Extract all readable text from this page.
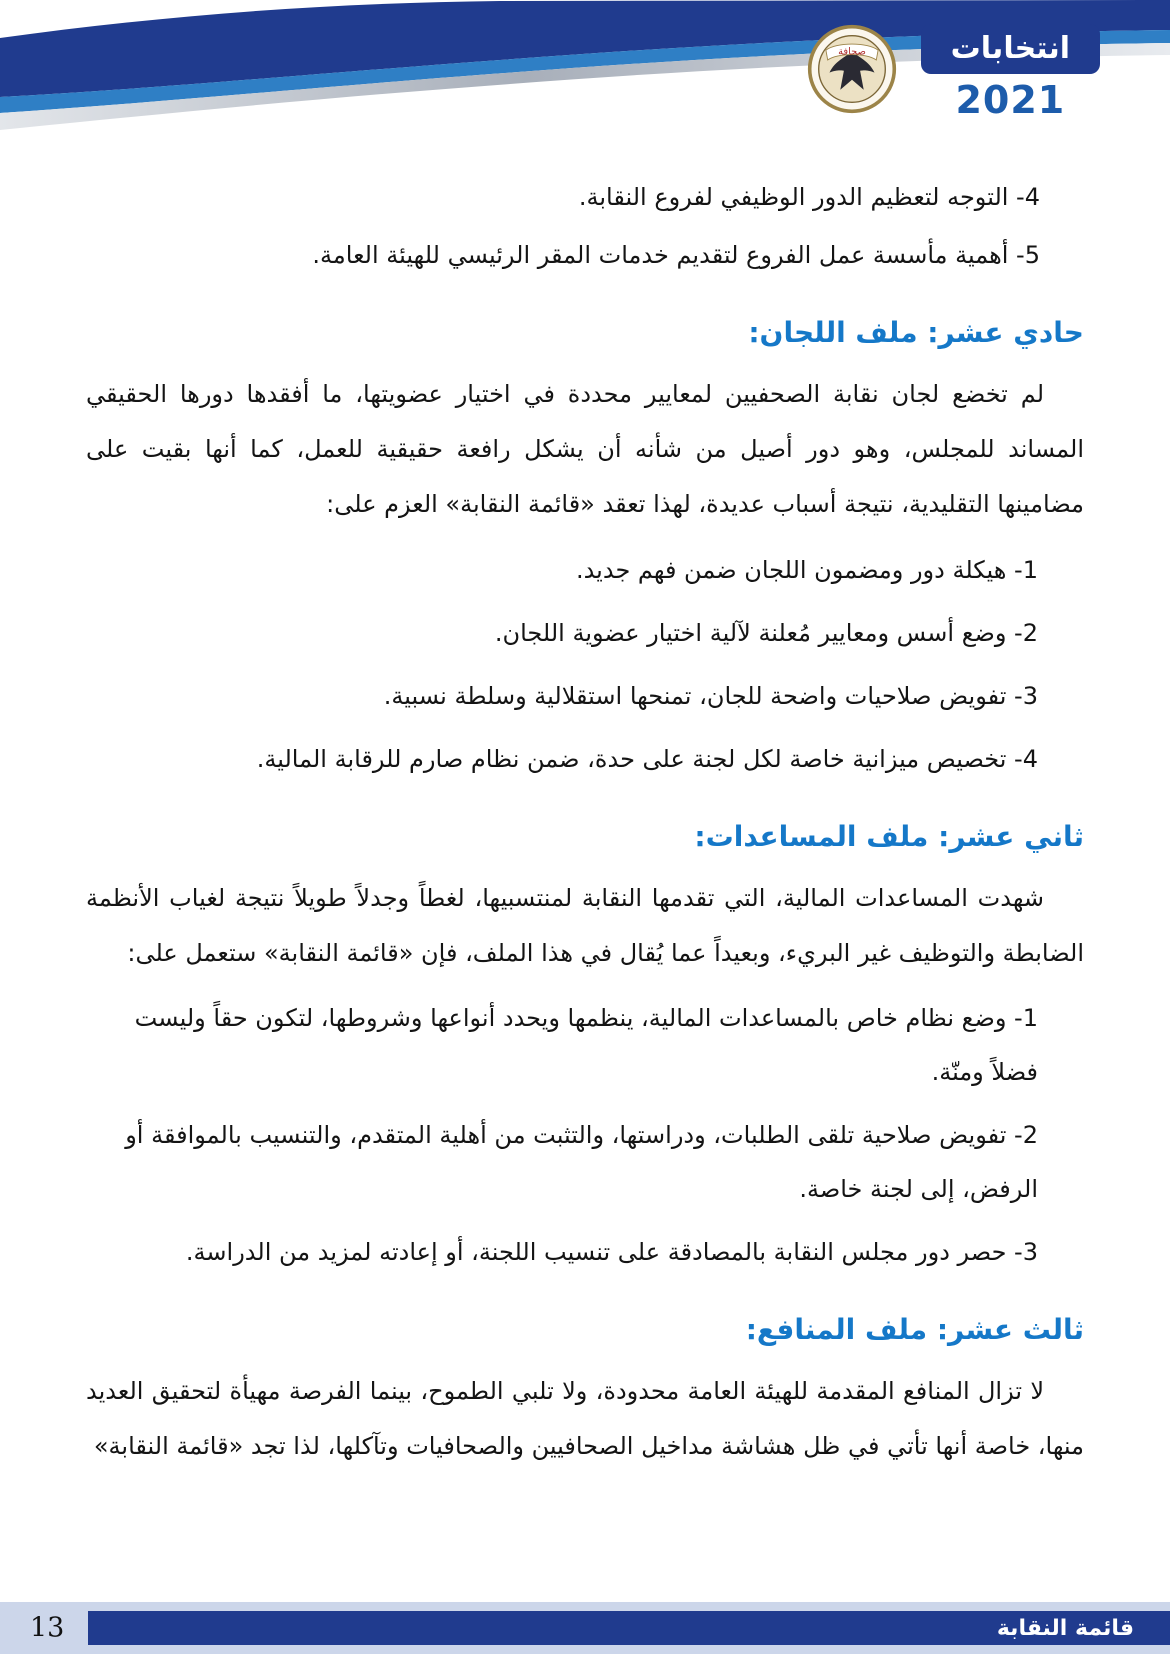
صحافة	انتخابات
2021

4- التوجه لتعظيم الدور الوظيفي لفروع النقابة.

5- أهمية مأسسة عمل الفروع لتقديم خدمات المقر الرئيسي للهيئة العامة.

حادي عشر: ملف اللجان:

لم تخضع لجان نقابة الصحفيين لمعايير محددة في اختيار عضويتها، ما أفقدها دورها الحقيقي المساند للمجلس، وهو دور أصيل من شأنه أن يشكل رافعة حقيقية للعمل، كما أنها بقيت على مضامينها التقليدية، نتيجة أسباب عديدة، لهذا تعقد «قائمة النقابة» العزم على:

1- هيكلة دور ومضمون اللجان ضمن فهم جديد.

2- وضع أسس ومعايير مُعلنة لآلية اختيار عضوية اللجان.

3- تفويض صلاحيات واضحة للجان، تمنحها استقلالية وسلطة نسبية.

4- تخصيص ميزانية خاصة لكل لجنة على حدة، ضمن نظام صارم للرقابة المالية.

ثاني عشر: ملف المساعدات:

شهدت المساعدات المالية، التي تقدمها النقابة لمنتسبيها، لغطاً وجدلاً طويلاً نتيجة لغياب الأنظمة الضابطة والتوظيف غير البريء، وبعيداً عما يُقال في هذا الملف، فإن «قائمة النقابة» ستعمل على:

1- وضع نظام خاص بالمساعدات المالية، ينظمها ويحدد أنواعها وشروطها، لتكون حقاً وليست فضلاً ومنّة.

2- تفويض صلاحية تلقى الطلبات، ودراستها، والتثبت من أهلية المتقدم، والتنسيب بالموافقة أو الرفض، إلى لجنة خاصة.

3- حصر دور مجلس النقابة بالمصادقة على تنسيب اللجنة، أو إعادته لمزيد من الدراسة.

ثالث عشر: ملف المنافع:

لا تزال المنافع المقدمة للهيئة العامة محدودة، ولا تلبي الطموح، بينما الفرصة مهيأة لتحقيق العديد منها، خاصة أنها تأتي في ظل هشاشة مداخيل الصحافيين والصحافيات وتآكلها، لذا تجد «قائمة النقابة»

قائمة النقابة
13
